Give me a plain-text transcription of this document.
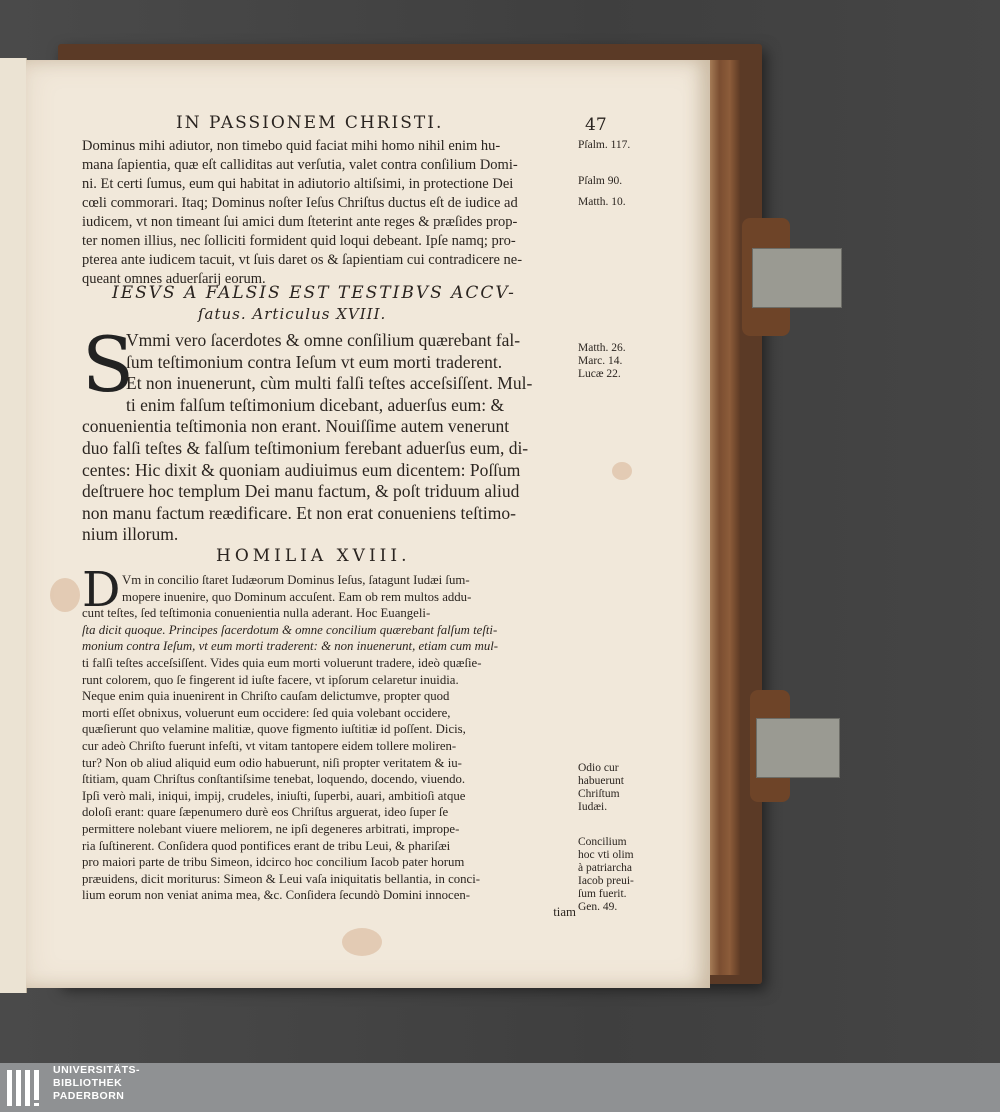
IN PASSIONEM CHRISTI.	47
Dominus mihi adiutor, non timebo quid faciat mihi homo nihil enim hu-
mana ſapientia, quæ eſt calliditas aut verſutia, valet contra conſilium Domi-
ni. Et certi ſumus, eum qui habitat in adiutorio altiſsimi, in protectione Dei
cœli commorari. Itaq; Dominus noſter Ieſus Chriſtus ductus eſt de iudice ad
iudicem, vt non timeant ſui amici dum ſteterint ante reges & præſides prop-
ter nomen illius, nec ſolliciti formident quid loqui debeant. Ipſe namq; pro-
pterea ante iudicem tacuit, vt ſuis daret os & ſapientiam cui contradicere ne-
queant omnes aduerſarij eorum.
IESVS A FALSIS EST TESTIBVS ACCV-
ſatus. Articulus XVIII.
S
Vmmi vero ſacerdotes & omne conſilium quærebant fal-
ſum teſtimonium contra Ieſum vt eum morti traderent.
Et non inuenerunt, cùm multi falſi teſtes acceſsiſſent. Mul-
ti enim falſum teſtimonium dicebant, aduerſus eum: &
conuenientia teſtimonia non erant. Nouiſſime autem venerunt
duo falſi teſtes & falſum teſtimonium ferebant aduerſus eum, di-
centes: Hic dixit & quoniam audiuimus eum dicentem: Poſſum
deſtruere hoc templum Dei manu factum, & poſt triduum aliud
non manu factum reædificare. Et non erat conueniens teſtimo-
nium illorum.
HOMILIA XVIII.
D Vm in concilio ſtaret Iudæorum Dominus Ieſus, ſatagunt Iudæi ſum-
mopere inuenire, quo Dominum accuſent. Eam ob rem multos addu-
cunt teſtes, ſed teſtimonia conuenientia nulla aderant. Hoc Euangeli-
ſta dicit quoque. Principes ſacerdotum & omne concilium quærebant falſum teſti-
monium contra Ieſum, vt eum morti traderent: & non inuenerunt, etiam cum mul-
ti falſi teſtes acceſsiſſent. Vides quia eum morti voluerunt tradere, ideò quæſie-
runt colorem, quo ſe fingerent id iuſte facere, vt ipſorum celaretur inuidia.
Neque enim quia inuenirent in Chriſto cauſam delictumve, propter quod
morti eſſet obnixus, voluerunt eum occidere: ſed quia volebant occidere,
quæſierunt quo velamine malitiæ, quove figmento iuſtitiæ id poſſent. Dicis,
cur adeò Chriſto fuerunt infeſti, vt vitam tantopere eidem tollere moliren-
tur? Non ob aliud aliquid eum odio habuerunt, niſi propter veritatem & iu-
ſtitiam, quam Chriſtus conſtantiſsime tenebat, loquendo, docendo, viuendo.
Ipſi verò mali, iniqui, impij, crudeles, iniuſti, ſuperbi, auari, ambitioſi atque
doloſi erant: quare ſæpenumero durè eos Chriſtus arguerat, ideo ſuper ſe
permittere nolebant viuere meliorem, ne ipſi degeneres arbitrati, imprope-
ria ſuſtinerent. Conſidera quod pontifices erant de tribu Leui, & phariſæi
pro maiori parte de tribu Simeon, idcirco hoc concilium Iacob pater horum
præuidens, dicit moriturus: Simeon & Leui vaſa iniquitatis bellantia, in conci-
lium eorum non veniat anima mea, &c. Conſidera ſecundò Domini innocen-
tiam
Pſalm. 117.
Pſalm 90.
Matth. 10.
Matth. 26.
Marc. 14.
Lucæ 22.
Odio cur
habuerunt
Chriſtum
Iudæi.
Concilium
hoc vti olim
à patriarcha
Iacob preui-
ſum fuerit.
Gen. 49.
UNIVERSITÄTS-
BIBLIOTHEK
PADERBORN
